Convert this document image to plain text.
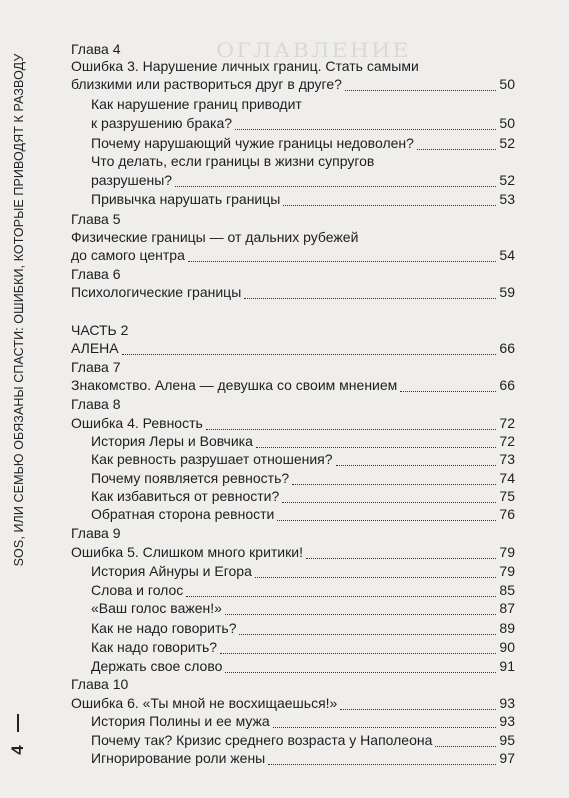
ОГЛАВЛЕНИЕ
SOS, ИЛИ СЕМЬЮ ОБЯЗАНЫ СПАСТИ: ОШИБКИ, КОТОРЫЕ ПРИВОДЯТ К РАЗВОДУ
4
Глава 4
Ошибка 3. Нарушение личных границ. Стать самыми
близкими или раствориться друг в друге?	50
Как нарушение границ приводит
к разрушению брака?	50
Почему нарушающий чужие границы недоволен?	52
Что делать, если границы в жизни супругов
разрушены?	52
Привычка нарушать границы	53
Глава 5
Физические границы — от дальних рубежей
до самого центра	54
Глава 6
Психологические границы	59
ЧАСТЬ 2
АЛЕНА	66
Глава 7
Знакомство. Алена — девушка со своим мнением	66
Глава 8
Ошибка 4. Ревность	72
История Леры и Вовчика	72
Как ревность разрушает отношения?	73
Почему появляется ревность?	74
Как избавиться от ревности?	75
Обратная сторона ревности	76
Глава 9
Ошибка 5. Слишком много критики!	79
История Айнуры и Егора	79
Слова и голос	85
«Ваш голос важен!»	87
Как не надо говорить?	89
Как надо говорить?	90
Держать свое слово	91
Глава 10
Ошибка 6. «Ты мной не восхищаешься!»	93
История Полины и ее мужа	93
Почему так? Кризис среднего возраста у Наполеона	95
Игнорирование роли жены	97
